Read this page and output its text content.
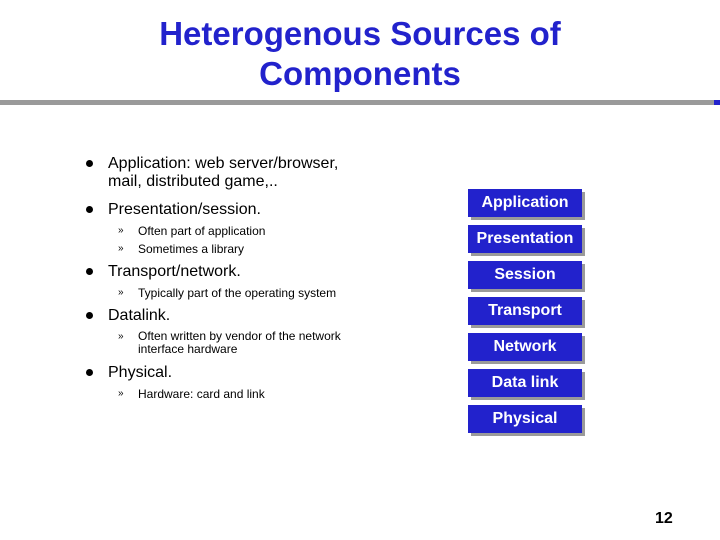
Heterogenous Sources of
Components
Application: web server/browser,
mail, distributed game,..
Presentation/session.
» Often part of application
» Sometimes a library
Transport/network.
» Typically part of the operating system
Datalink.
» Often written by vendor of the network
interface hardware
Physical.
» Hardware: card and link
Application
Presentation
Session
Transport
Network
Data link
Physical
12
